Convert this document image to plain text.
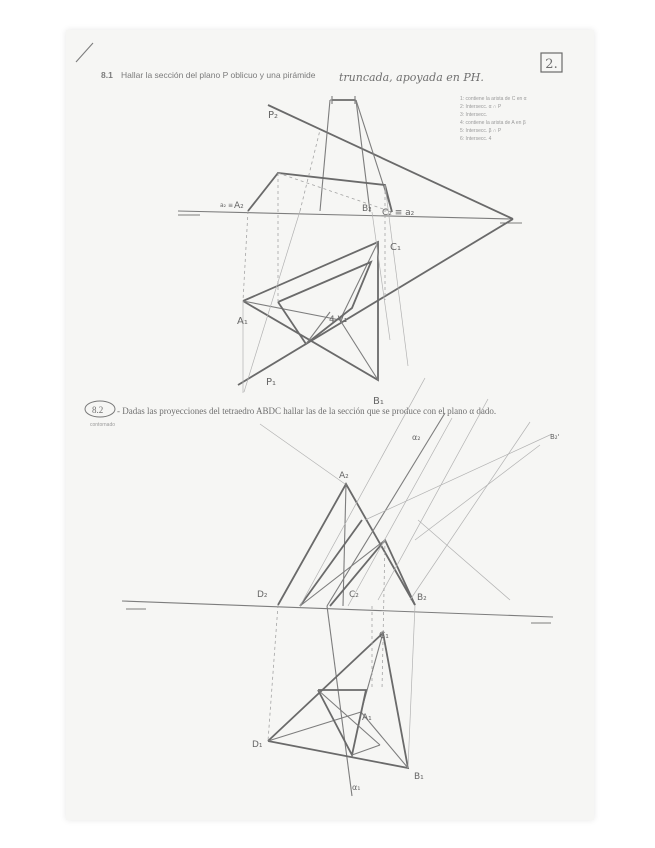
2.
8.1 Hallar la sección del plano P oblicuo y una pirámide truncada, apoyada en PH.
1: contiene la arista de C en α
2: Intersecc. α ∩ P
3: Intersecc.
4: contiene la arista de A en β
5: Intersecc. β ∩ P
6: Intersecc. 4
P₂
P₁
a₂ ≡ A₂	B₂ C₂ ≡ a₂
A₁
B₁
C₁
4 V₁
8.2 - Dadas las proyecciones del tetraedro ABDC hallar las de la sección que se produce con el plano α dado.
contornado
A₂
D₂	C₂	B₂
C₁
A₁
D₁
B₁
α₂
α₁
B₂'
